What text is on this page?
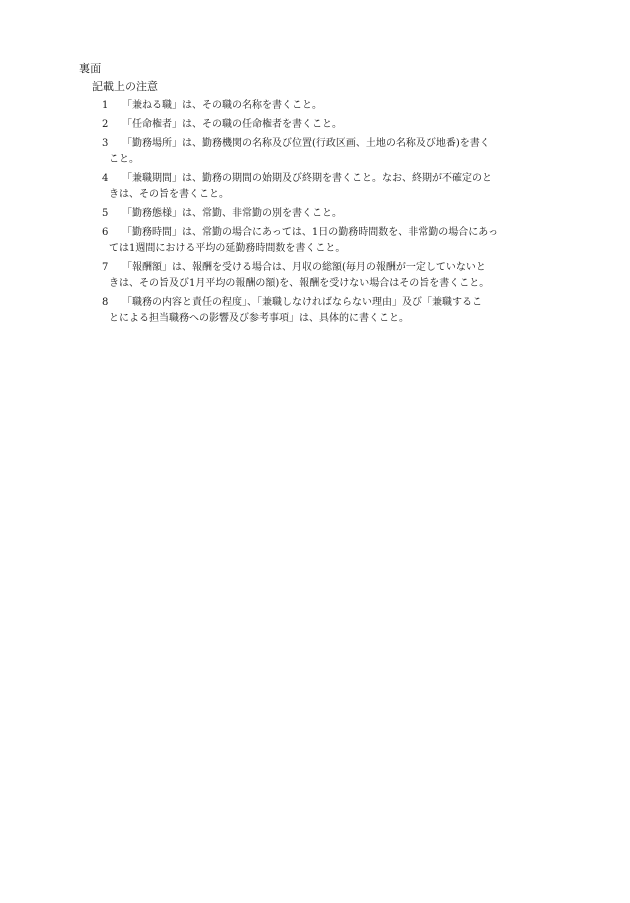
裏面
記載上の注意
1 「兼ねる職」は、その職の名称を書くこと。
2 「任命権者」は、その職の任命権者を書くこと。
3 「勤務場所」は、勤務機関の名称及び位置(行政区画、土地の名称及び地番)を書く
こと。
4 「兼職期間」は、勤務の期間の始期及び終期を書くこと。なお、終期が不確定のと
きは、その旨を書くこと。
5 「勤務態様」は、常勤、非常勤の別を書くこと。
6 「勤務時間」は、常勤の場合にあっては、1日の勤務時間数を、非常勤の場合にあっ
ては1週間における平均の延勤務時間数を書くこと。
7 「報酬額」は、報酬を受ける場合は、月収の総額(毎月の報酬が一定していないと
きは、その旨及び1月平均の報酬の額)を、報酬を受けない場合はその旨を書くこと。
8 「職務の内容と責任の程度」、「兼職しなければならない理由」及び「兼職するこ
とによる担当職務への影響及び参考事項」は、具体的に書くこと。
